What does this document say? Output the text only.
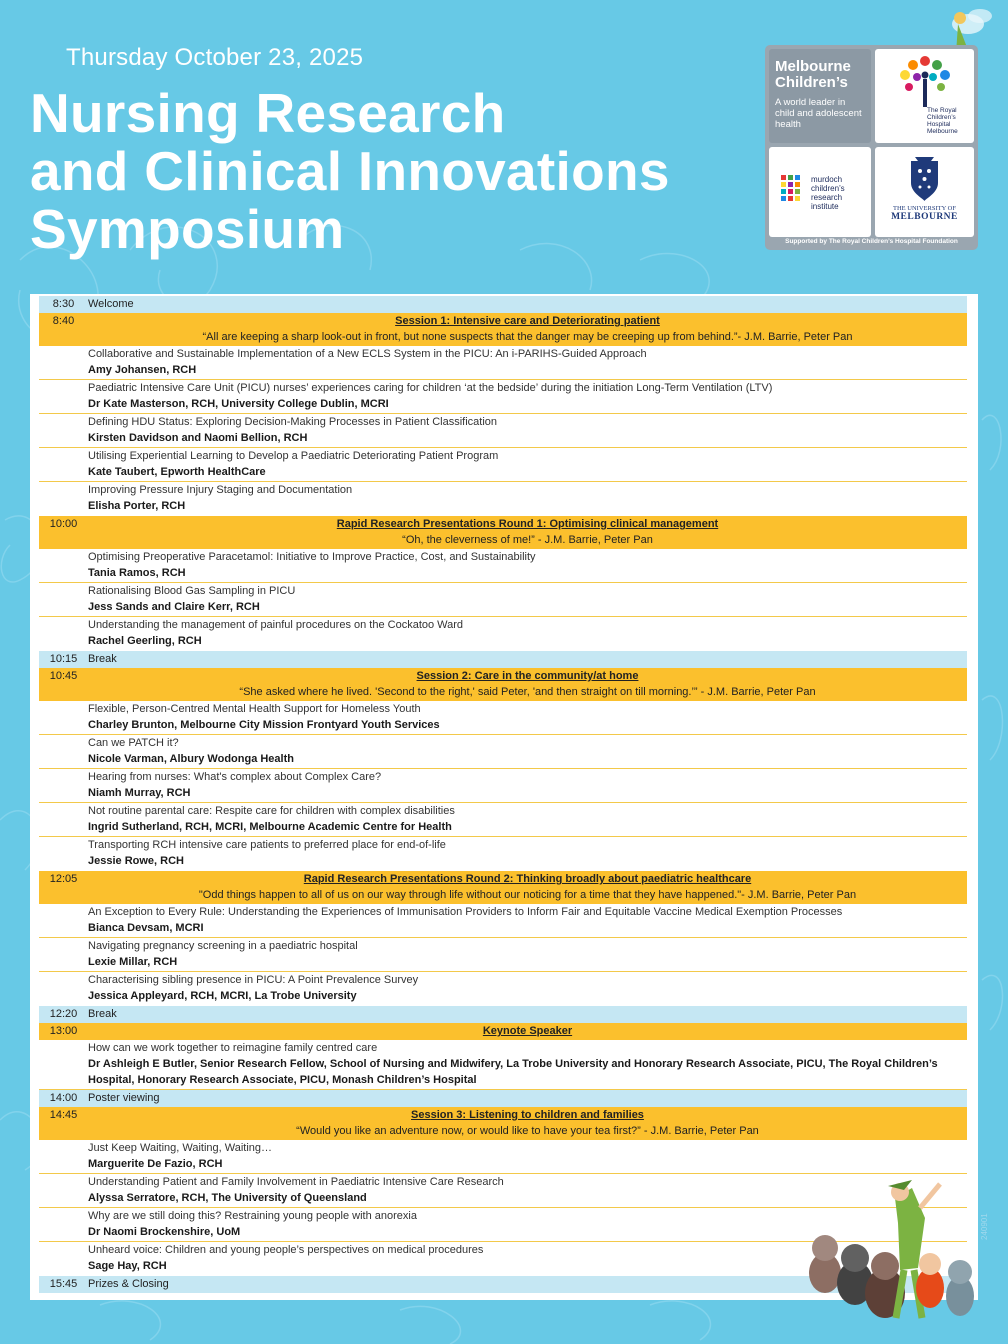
Thursday October 23, 2025
Nursing Research
and Clinical Innovations
Symposium
Melbourne Children’s
A world leader in child and adolescent health
The Royal Children’s Hospital Melbourne
murdoch children’s research institute	THE UNIVERSITY OF
MELBOURNE
Supported by The Royal Children’s Hospital Foundation
8:30	Welcome
8:40	Session 1: Intensive care and Deteriorating patient
“All are keeping a sharp look-out in front, but none suspects that the danger may be creeping up from behind.”- J.M. Barrie, Peter Pan
Collaborative and Sustainable Implementation of a New ECLS System in the PICU: An i-PARIHS-Guided Approach
Amy Johansen, RCH
Paediatric Intensive Care Unit (PICU) nurses’ experiences caring for children ‘at the bedside’ during the initiation Long-Term Ventilation (LTV)
Dr Kate Masterson, RCH, University College Dublin, MCRI
Defining HDU Status: Exploring Decision-Making Processes in Patient Classification
Kirsten Davidson and Naomi Bellion, RCH
Utilising Experiential Learning to Develop a Paediatric Deteriorating Patient Program
Kate Taubert, Epworth HealthCare
Improving Pressure Injury Staging and Documentation
Elisha Porter, RCH
10:00	Rapid Research Presentations Round 1: Optimising clinical management
“Oh, the cleverness of me!” - J.M. Barrie, Peter Pan
Optimising Preoperative Paracetamol: Initiative to Improve Practice, Cost, and Sustainability
Tania Ramos, RCH
Rationalising Blood Gas Sampling in PICU
Jess Sands and Claire Kerr, RCH
Understanding the management of painful procedures on the Cockatoo Ward
Rachel Geerling, RCH
10:15 Break
10:45	Session 2: Care in the community/at home
“She asked where he lived. 'Second to the right,' said Peter, 'and then straight on till morning.’” - J.M. Barrie, Peter Pan
Flexible, Person-Centred Mental Health Support for Homeless Youth
Charley Brunton, Melbourne City Mission Frontyard Youth Services
Can we PATCH it?
Nicole Varman, Albury Wodonga Health
Hearing from nurses: What's complex about Complex Care?
Niamh Murray, RCH
Not routine parental care: Respite care for children with complex disabilities
Ingrid Sutherland, RCH, MCRI, Melbourne Academic Centre for Health
Transporting RCH intensive care patients to preferred place for end-of-life
Jessie Rowe, RCH
12:05	Rapid Research Presentations Round 2: Thinking broadly about paediatric healthcare
"Odd things happen to all of us on our way through life without our noticing for a time that they have happened."- J.M. Barrie, Peter Pan
An Exception to Every Rule: Understanding the Experiences of Immunisation Providers to Inform Fair and Equitable Vaccine Medical Exemption Processes
Bianca Devsam, MCRI
Navigating pregnancy screening in a paediatric hospital
Lexie Millar, RCH
Characterising sibling presence in PICU: A Point Prevalence Survey
Jessica Appleyard, RCH, MCRI, La Trobe University
12:20 Break
13:00	Keynote Speaker
How can we work together to reimagine family centred care
Dr Ashleigh E Butler, Senior Research Fellow, School of Nursing and Midwifery, La Trobe University and Honorary Research Associate, PICU, The Royal Children’s Hospital, Honorary Research Associate, PICU, Monash Children’s Hospital
14:00 Poster viewing
14:45	Session 3: Listening to children and families
“Would you like an adventure now, or would like to have your tea first?” - J.M. Barrie, Peter Pan
Just Keep Waiting, Waiting, Waiting…
Marguerite De Fazio, RCH
Understanding Patient and Family Involvement in Paediatric Intensive Care Research
Alyssa Serratore, RCH, The University of Queensland
Why are we still doing this? Restraining young people with anorexia
Dr Naomi Brockenshire, UoM
Unheard voice: Children and young people’s perspectives on medical procedures
Sage Hay, RCH
15:45 Prizes & Closing
240901
